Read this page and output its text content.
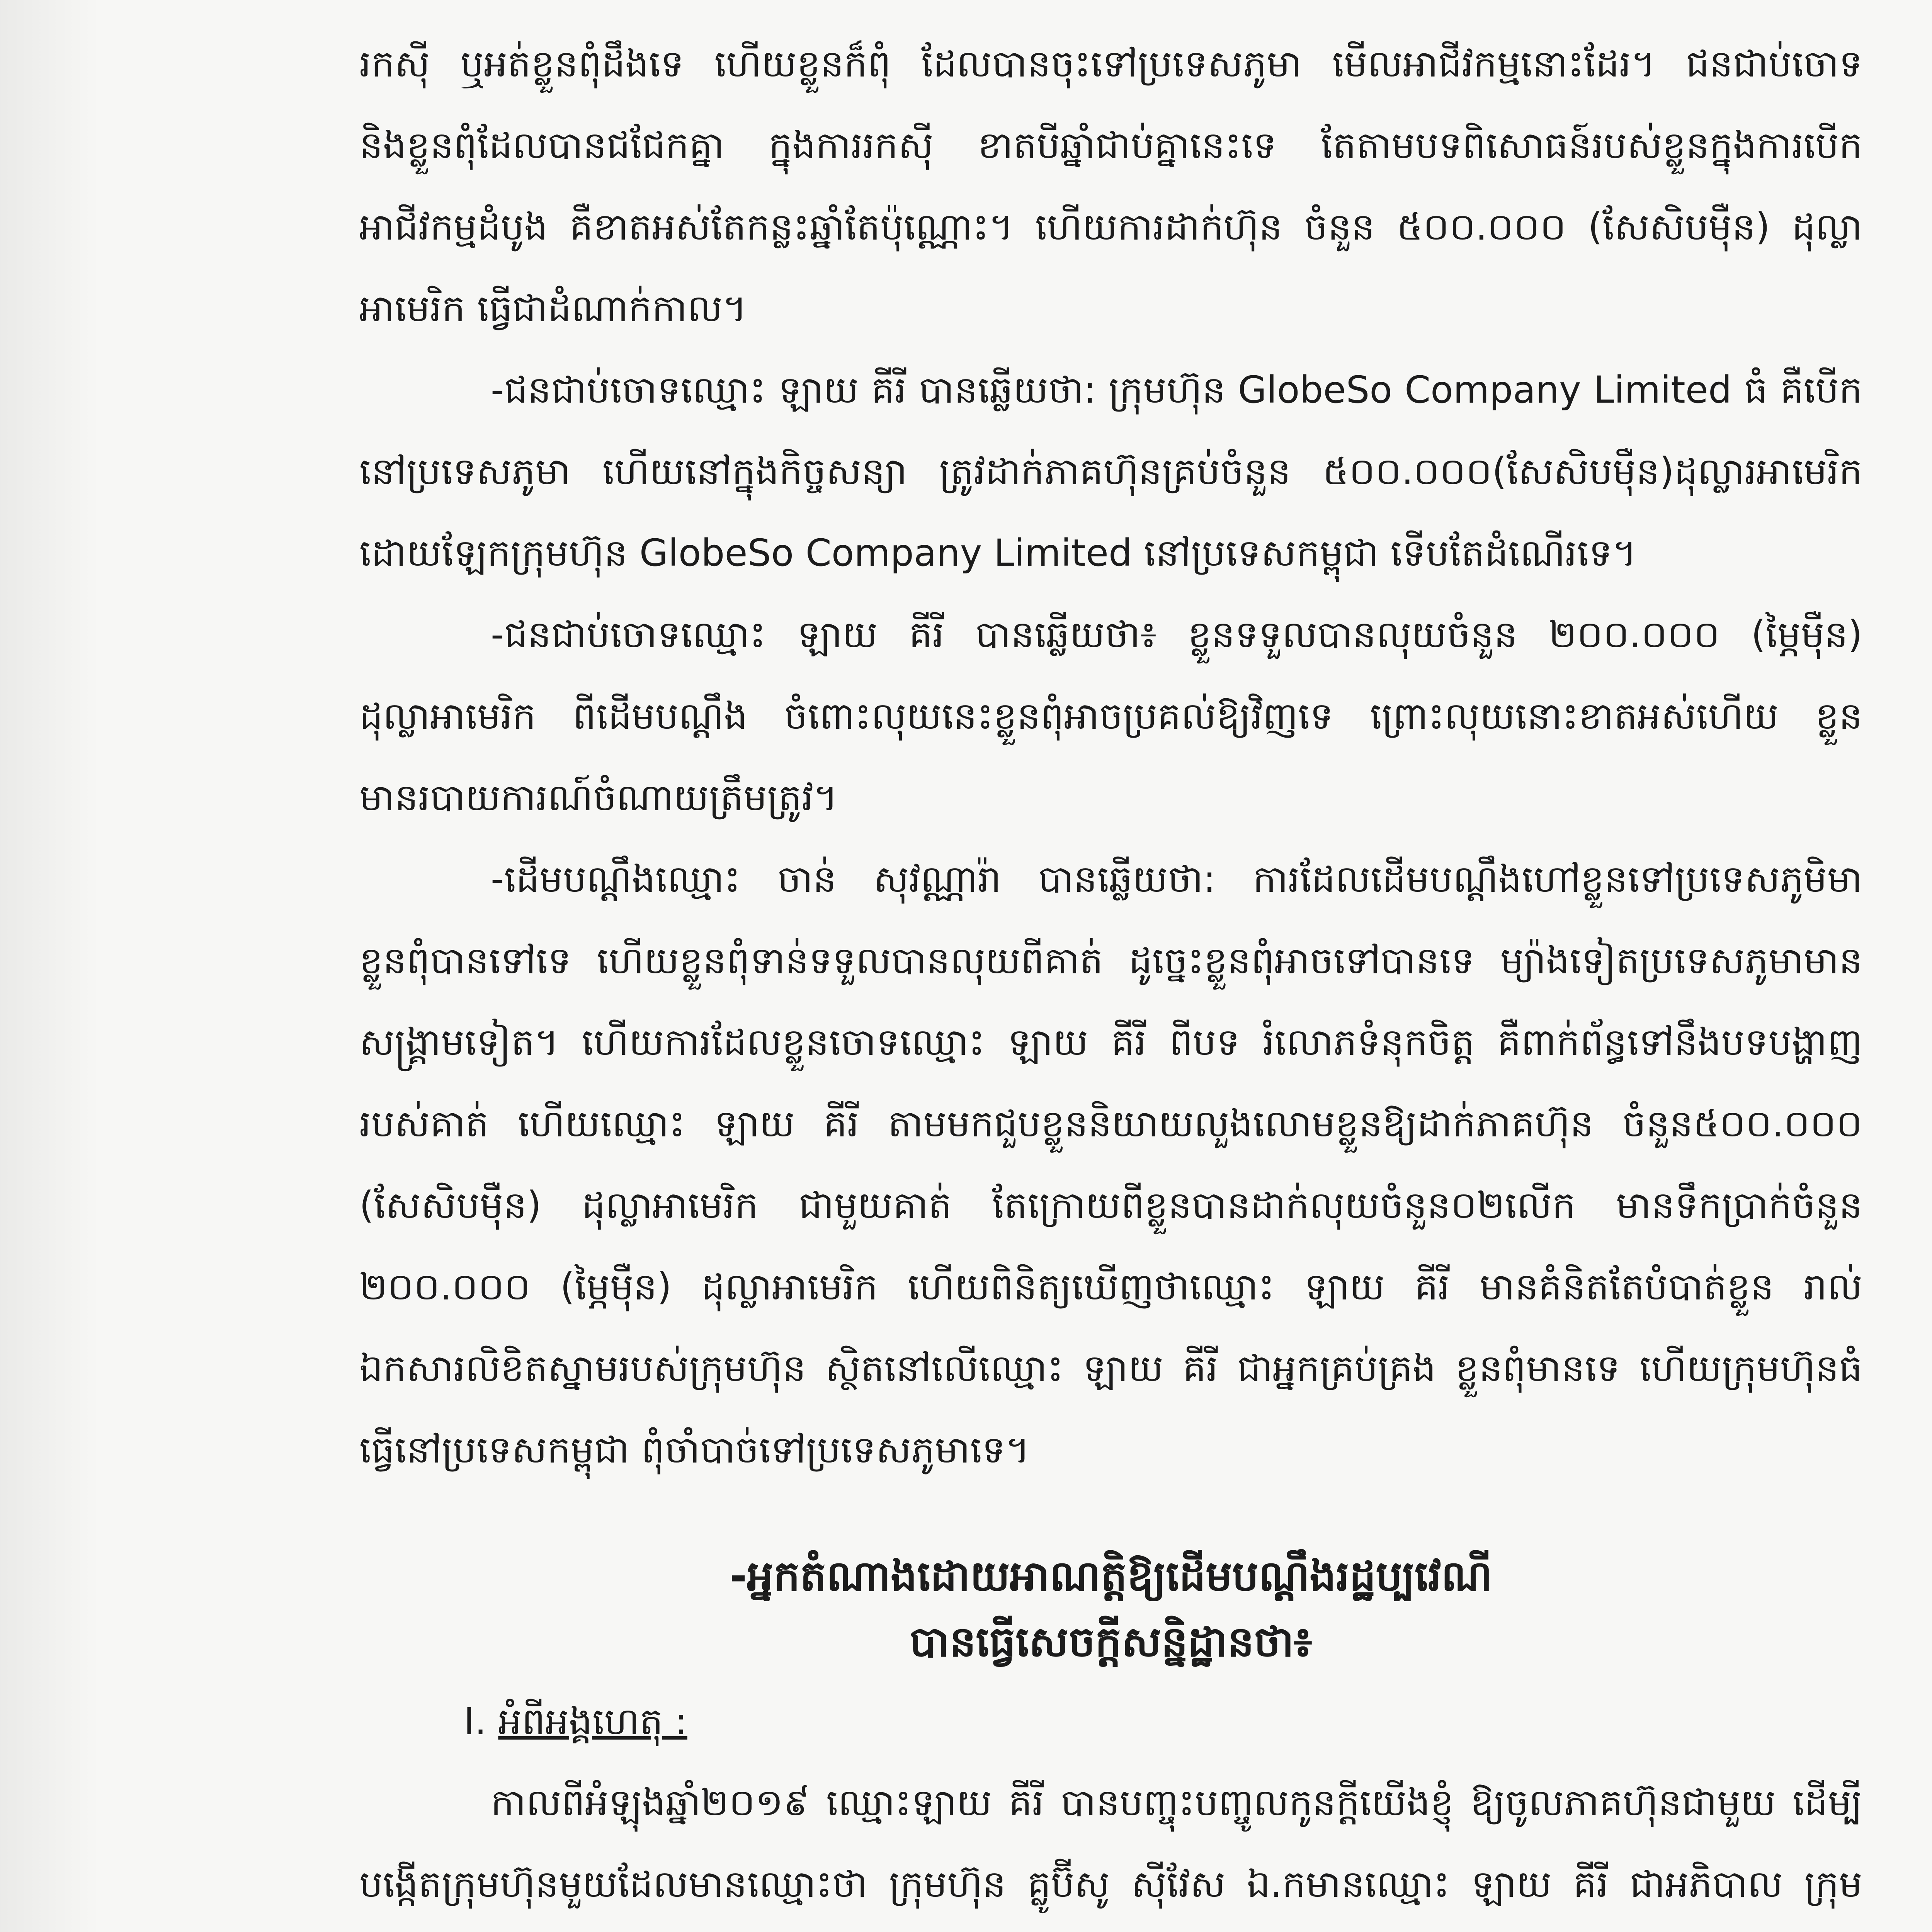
រកស៊ី ឬអត់ខ្លួនពុំដឹងទេ ហើយខ្លួនក៏ពុំ ដែលបានចុះទៅប្រទេសភូមា មើលអាជីវកម្មនោះដែរ។ ជនជាប់ចោទ
និងខ្លួនពុំដែលបានជជែកគ្នា ក្នុងការរកស៊ី ខាតបីឆ្នាំជាប់គ្នានេះទេ តែតាមបទពិសោធន៍របស់ខ្លួនក្នុងការបើក
អាជីវកម្មដំបូង គឺខាតអស់តែកន្លះឆ្នាំតែប៉ុណ្ណោះ។ ហើយការដាក់ហ៊ុន ចំនួន ៥០០.០០០ (សែសិបម៉ឺន) ដុល្លា
អាមេរិក ធ្វើជាដំណាក់កាល។
-ជនជាប់ចោទឈ្មោះ ឡាយ គីរី បានឆ្លើយថា: ក្រុមហ៊ុន GlobeSo Company Limited ធំ គឺបើក
នៅប្រទេសភូមា ហើយនៅក្នុងកិច្ចសន្យា ត្រូវដាក់ភាគហ៊ុនគ្រប់ចំនួន ៥០០.០០០(សែសិបម៉ឺន)ដុល្លារអាមេរិក
ដោយឡែកក្រុមហ៊ុន GlobeSo Company Limited នៅប្រទេសកម្ពុជា ទើបតែដំណើរទេ។
-ជនជាប់ចោទឈ្មោះ ឡាយ គីរី បានឆ្លើយថា៖ ខ្លួនទទួលបានលុយចំនួន ២០០.០០០ (ម្ភៃម៉ឺន)
ដុល្លាអាមេរិក ពីដើមបណ្តឹង ចំពោះលុយនេះខ្លួនពុំអាចប្រគល់ឱ្យវិញទេ ព្រោះលុយនោះខាតអស់ហើយ ខ្លួន
មានរបាយការណ៍ចំណាយត្រឹមត្រូវ។
-ដើមបណ្តឹងឈ្មោះ ចាន់ សុវណ្ណារ៉ា បានឆ្លើយថា: ការដែលដើមបណ្តឹងហៅខ្លួនទៅប្រទេសភូមិមា
ខ្លួនពុំបានទៅទេ ហើយខ្លួនពុំទាន់ទទួលបានលុយពីគាត់ ដូច្នេះខ្លួនពុំអាចទៅបានទេ ម្យ៉ាងទៀតប្រទេសភូមាមាន
សង្គ្រាមទៀត។ ហើយការដែលខ្លួនចោទឈ្មោះ ឡាយ គីរី ពីបទ រំលោភទំនុកចិត្ត គឺពាក់ព័ន្ធទៅនឹងបទបង្ហាញ
របស់គាត់ ហើយឈ្មោះ ឡាយ គីរី តាមមកជួបខ្លួននិយាយលួងលោមខ្លួនឱ្យដាក់ភាគហ៊ុន ចំនួន៥០០.០០០
(សែសិបម៉ឺន) ដុល្លាអាមេរិក ជាមួយគាត់ តែក្រោយពីខ្លួនបានដាក់លុយចំនួន០២លើក មានទឹកប្រាក់ចំនួន
២០០.០០០ (ម្ភៃម៉ឺន) ដុល្លាអាមេរិក ហើយពិនិត្យឃើញថាឈ្មោះ ឡាយ គីរី មានគំនិតតែបំបាត់ខ្លួន រាល់
ឯកសារលិខិតស្នាមរបស់ក្រុមហ៊ុន ស្ថិតនៅលើឈ្មោះ ឡាយ គីរី ជាអ្នកគ្រប់គ្រង ខ្លួនពុំមានទេ ហើយក្រុមហ៊ុនធំ
ធ្វើនៅប្រទេសកម្ពុជា ពុំចាំបាច់ទៅប្រទេសភូមាទេ។
-អ្នកតំណាងដោយអាណត្តិឱ្យដើមបណ្តឹងរដ្ឋប្បវេណី
បានធ្វើសេចក្តីសន្និដ្ឋានថា៖
I. អំពីអង្គហេតុ :
កាលពីអំឡុងឆ្នាំ២០១៩ ឈ្មោះឡាយ គីរី បានបញ្ចុះបញ្ចូលកូនក្តីយើងខ្ញុំ ឱ្យចូលភាគហ៊ុនជាមួយ ដើម្បី
បង្កើតក្រុមហ៊ុនមួយដែលមានឈ្មោះថា ក្រុមហ៊ុន គ្លូប៊ីសូ ស៊ីវែស ឯ.កមានឈ្មោះ ឡាយ គីរី ជាអភិបាល ក្រុម
